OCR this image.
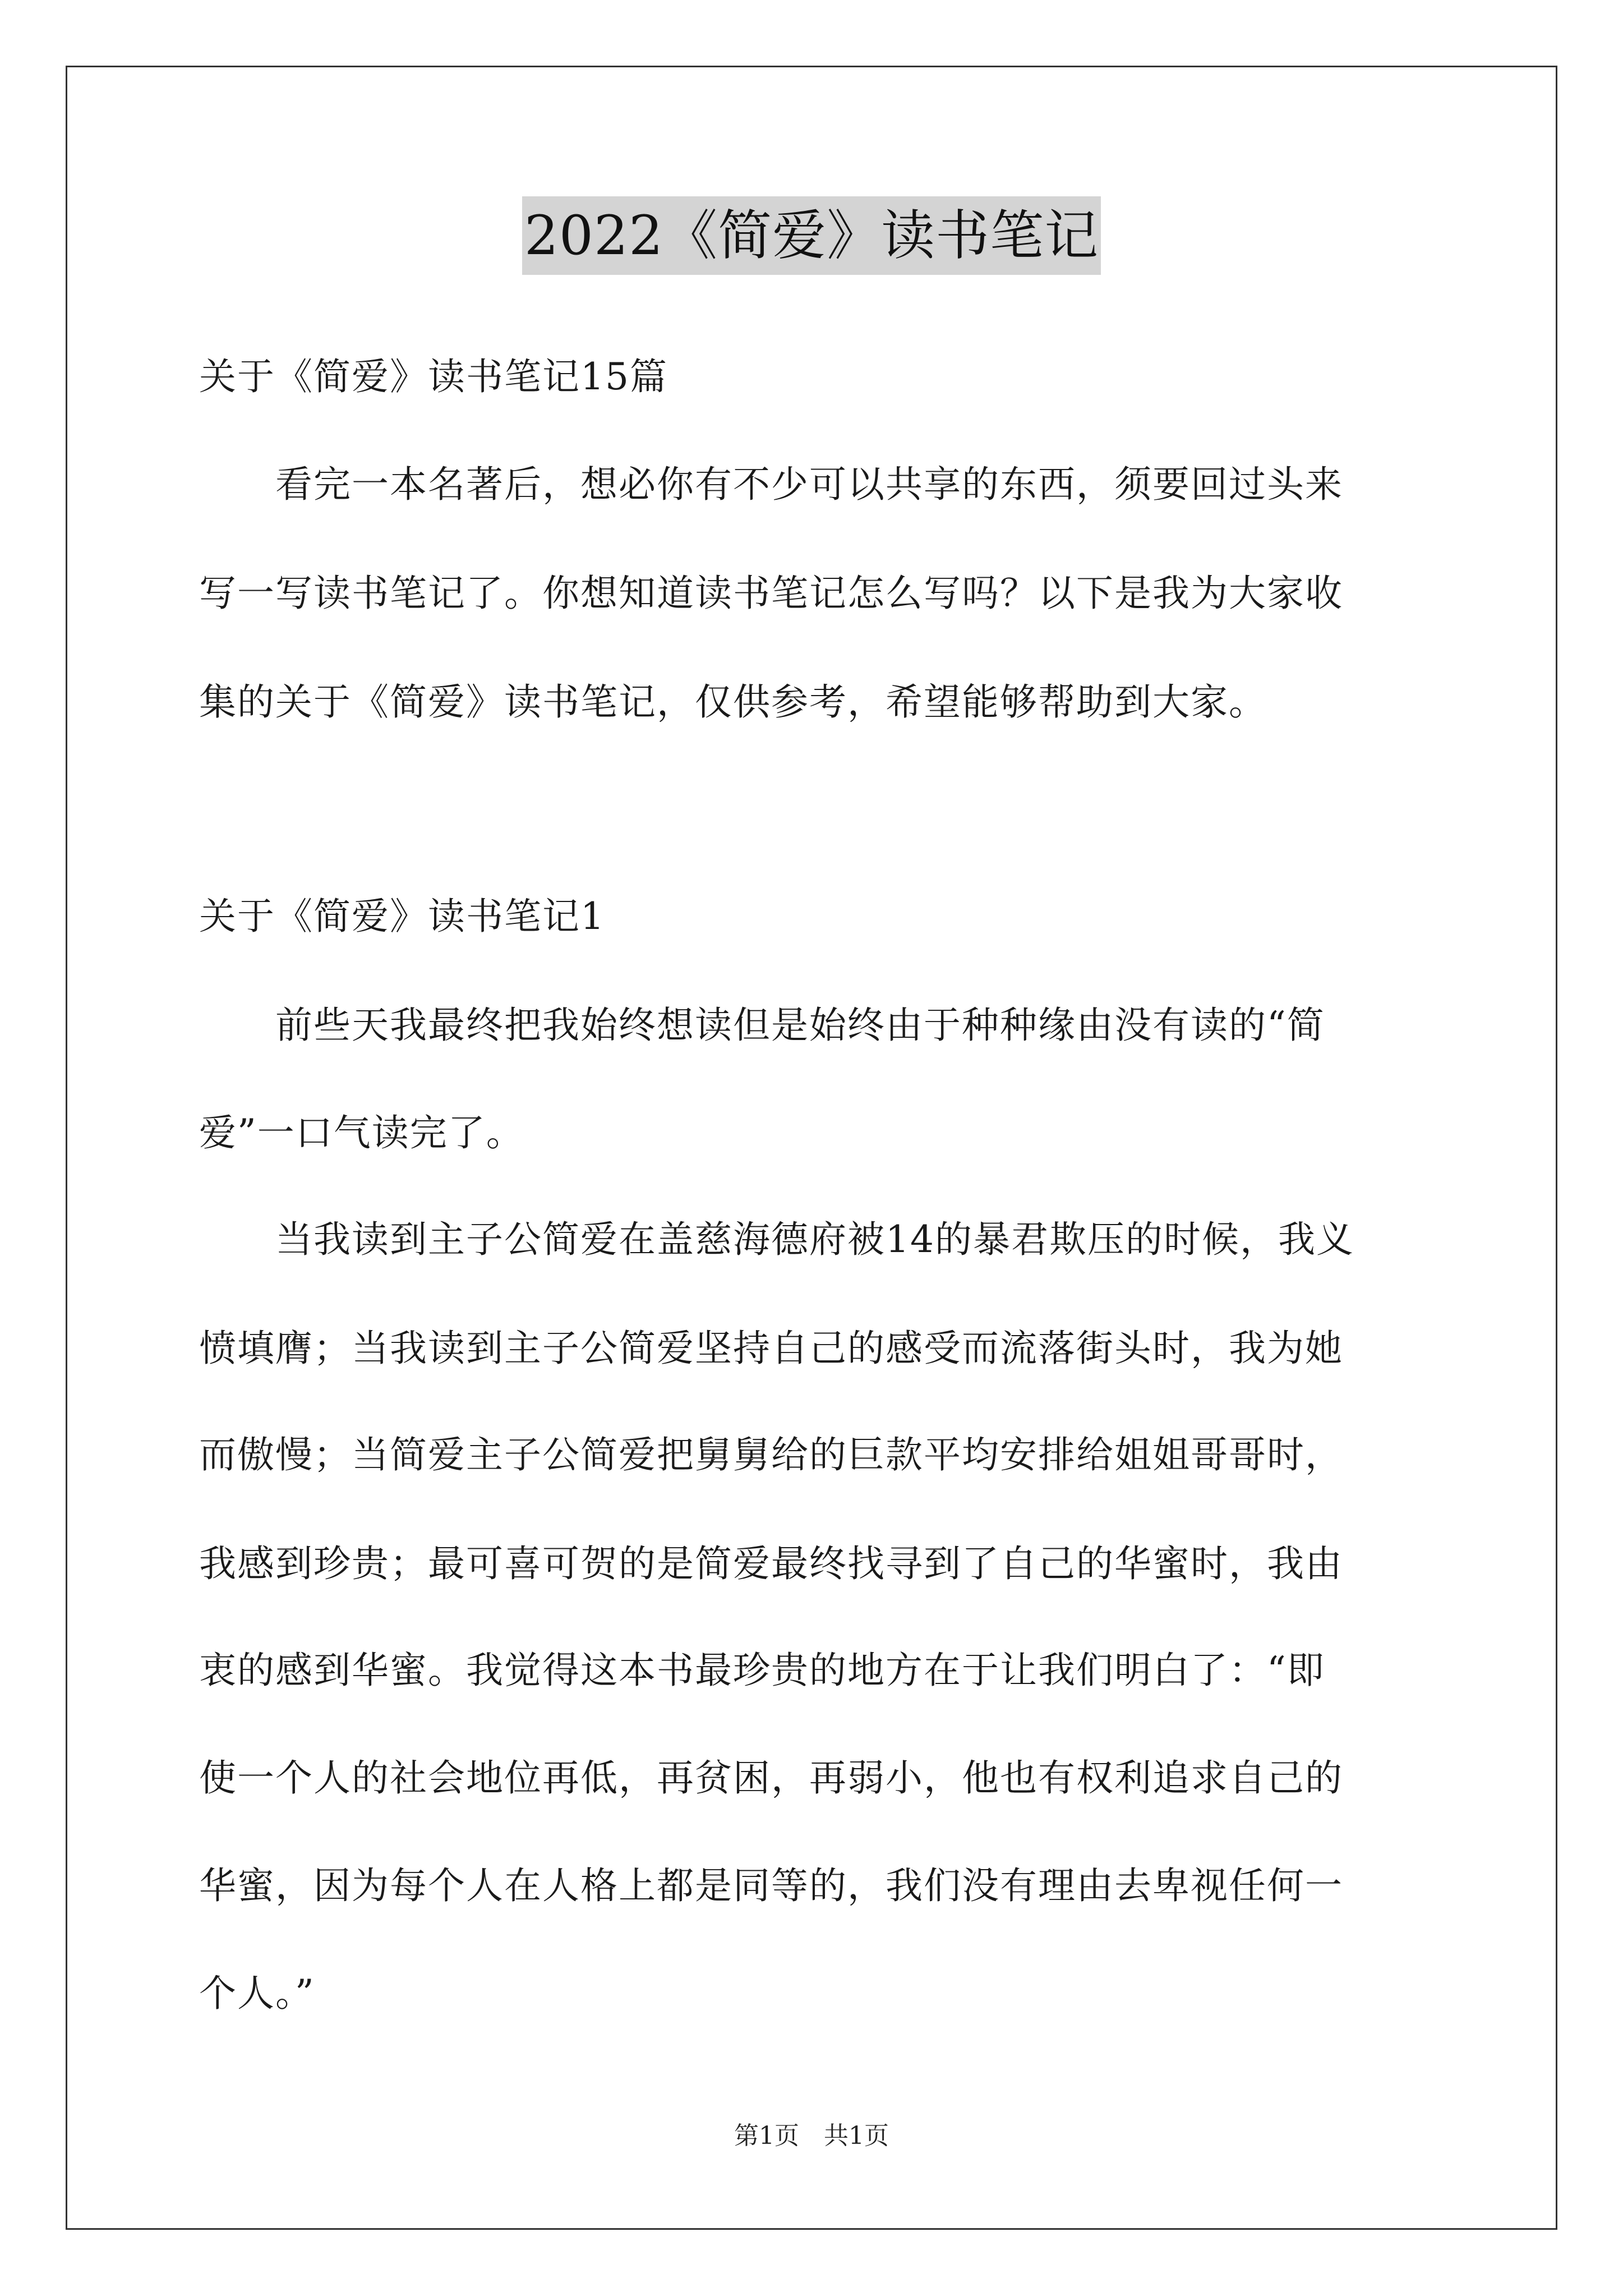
2022《简爱》读书笔记
关于《简爱》读书笔记15篇
　　看完一本名著后，想必你有不少可以共享的东西，须要回过头来
写一写读书笔记了。你想知道读书笔记怎么写吗？以下是我为大家收
集的关于《简爱》读书笔记，仅供参考，希望能够帮助到大家。
关于《简爱》读书笔记1
　　前些天我最终把我始终想读但是始终由于种种缘由没有读的“简
爱”一口气读完了。
　　当我读到主子公简爱在盖慈海德府被14的暴君欺压的时候，我义
愤填膺；当我读到主子公简爱坚持自己的感受而流落街头时，我为她
而傲慢；当简爱主子公简爱把舅舅给的巨款平均安排给姐姐哥哥时，
我感到珍贵；最可喜可贺的是简爱最终找寻到了自己的华蜜时，我由
衷的感到华蜜。我觉得这本书最珍贵的地方在于让我们明白了：“即
使一个人的社会地位再低，再贫困，再弱小，他也有权利追求自己的
华蜜，因为每个人在人格上都是同等的，我们没有理由去卑视任何一
个人。”
第1页　共1页
